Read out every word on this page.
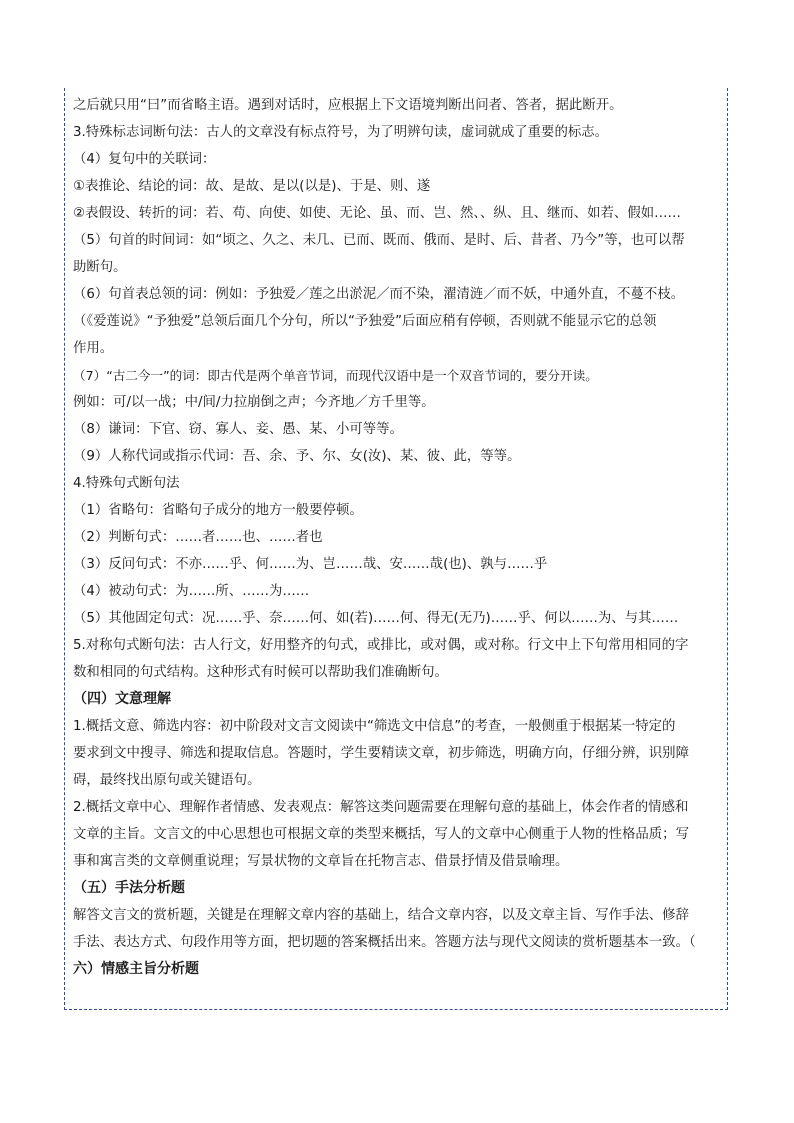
之后就只用“曰”而省略主语。遇到对话时，应根据上下文语境判断出问者、答者，据此断开。
3.特殊标志词断句法：古人的文章没有标点符号，为了明辨句读，虚词就成了重要的标志。
（4）复句中的关联词：
①表推论、结论的词：故、是故、是以(以是)、于是、则、遂
②表假设、转折的词：若、苟、向使、如使、无论、虽、而、岂、然、、纵、且、继而、如若、假如……
（5）句首的时间词：如“顷之、久之、未几、已而、既而、俄而、是时、后、昔者、乃今”等，也可以帮
助断句。
（6）句首表总领的词：例如：予独爱／莲之出淤泥／而不染，濯清涟／而不妖，中通外直，不蔓不枝。
（《爱莲说》“予独爱”总领后面几个分句，所以“予独爱”后面应稍有停顿，否则就不能显示它的总领
作用。
（7）“古二今一”的词：即古代是两个单音节词，而现代汉语中是一个双音节词的，要分开读。
例如：可/以一战；中/间/力拉崩倒之声；今齐地／方千里等。
（8）谦词：下官、窃、寡人、妾、愚、某、小可等等。
（9）人称代词或指示代词：吾、余、予、尔、女(汝)、某、彼、此，等等。
4.特殊句式断句法
（1）省略句：省略句子成分的地方一般要停顿。
（2）判断句式：……者……也、……者也
（3）反问句式：不亦……乎、何……为、岂……哉、安……哉(也)、孰与……乎
（4）被动句式：为……所、……为……
（5）其他固定句式：况……乎、奈……何、如(若)……何、得无(无乃)……乎、何以……为、与其……
5.对称句式断句法：古人行文，好用整齐的句式，或排比，或对偶，或对称。行文中上下句常用相同的字
数和相同的句式结构。这种形式有时候可以帮助我们准确断句。
（四）文意理解
1.概括文意、筛选内容：初中阶段对文言文阅读中“筛选文中信息”的考查，一般侧重于根据某一特定的
要求到文中搜寻、筛选和提取信息。答题时，学生要精读文章，初步筛选，明确方向，仔细分辨，识别障
碍，最终找出原句或关键语句。
2.概括文章中心、理解作者情感、发表观点：解答这类问题需要在理解句意的基础上，体会作者的情感和
文章的主旨。文言文的中心思想也可根据文章的类型来概括，写人的文章中心侧重于人物的性格品质；写
事和寓言类的文章侧重说理；写景状物的文章旨在托物言志、借景抒情及借景喻理。
（五）手法分析题
解答文言文的赏析题，关键是在理解文章内容的基础上，结合文章内容，以及文章主旨、写作手法、修辞
手法、表达方式、句段作用等方面，把切题的答案概括出来。答题方法与现代文阅读的赏析题基本一致。（
六）情感主旨分析题
